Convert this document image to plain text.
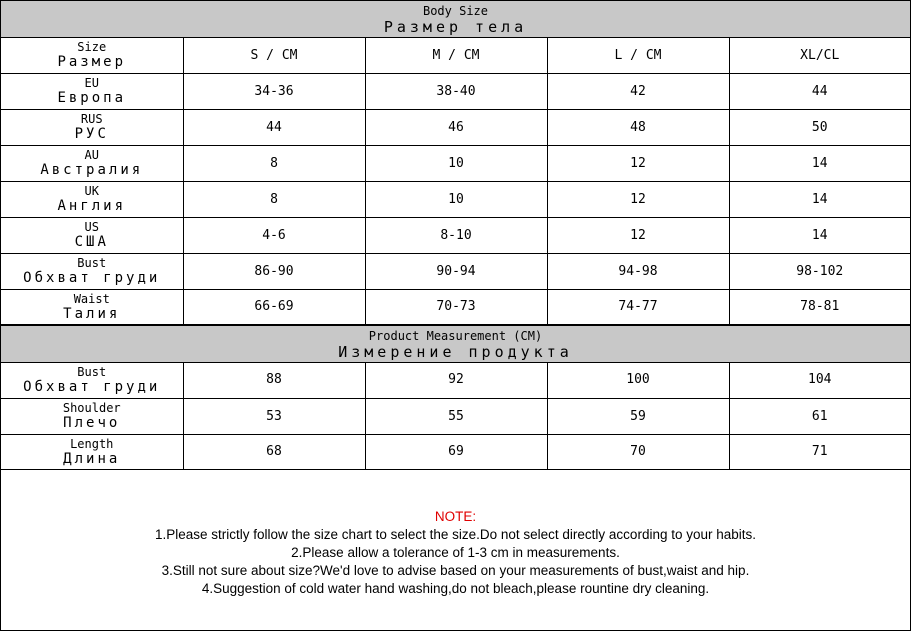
Body Size
Размер тела
Size
Размер	S / CM	M / CM	L / CM	XL/CL

EU
Европа	34-36	38-40	42	44

RUS
РУС	44	46	48	50

AU
Австралия	8	10	12	14

UK
Англия	8	10	12	14

US
США	4-6	8-10	12	14

Bust
Обхват груди	86-90	90-94	94-98	98-102

Waist
Талия	66-69	70-73	74-77	78-81
Product Measurement (CM)
Измерение продукта
Bust
Обхват груди	88	92	100	104

Shoulder
Плечо	53	55	59	61

Length
Длина	68	69	70	71
NOTE:
1.Please strictly follow the size chart to select the size.Do not select directly according to your habits.
2.Please allow a tolerance of 1-3 cm in measurements.
3.Still not sure about size?We'd love to advise based on your measurements of bust,waist and hip.
4.Suggestion of cold water hand washing,do not bleach,please rountine dry cleaning.
